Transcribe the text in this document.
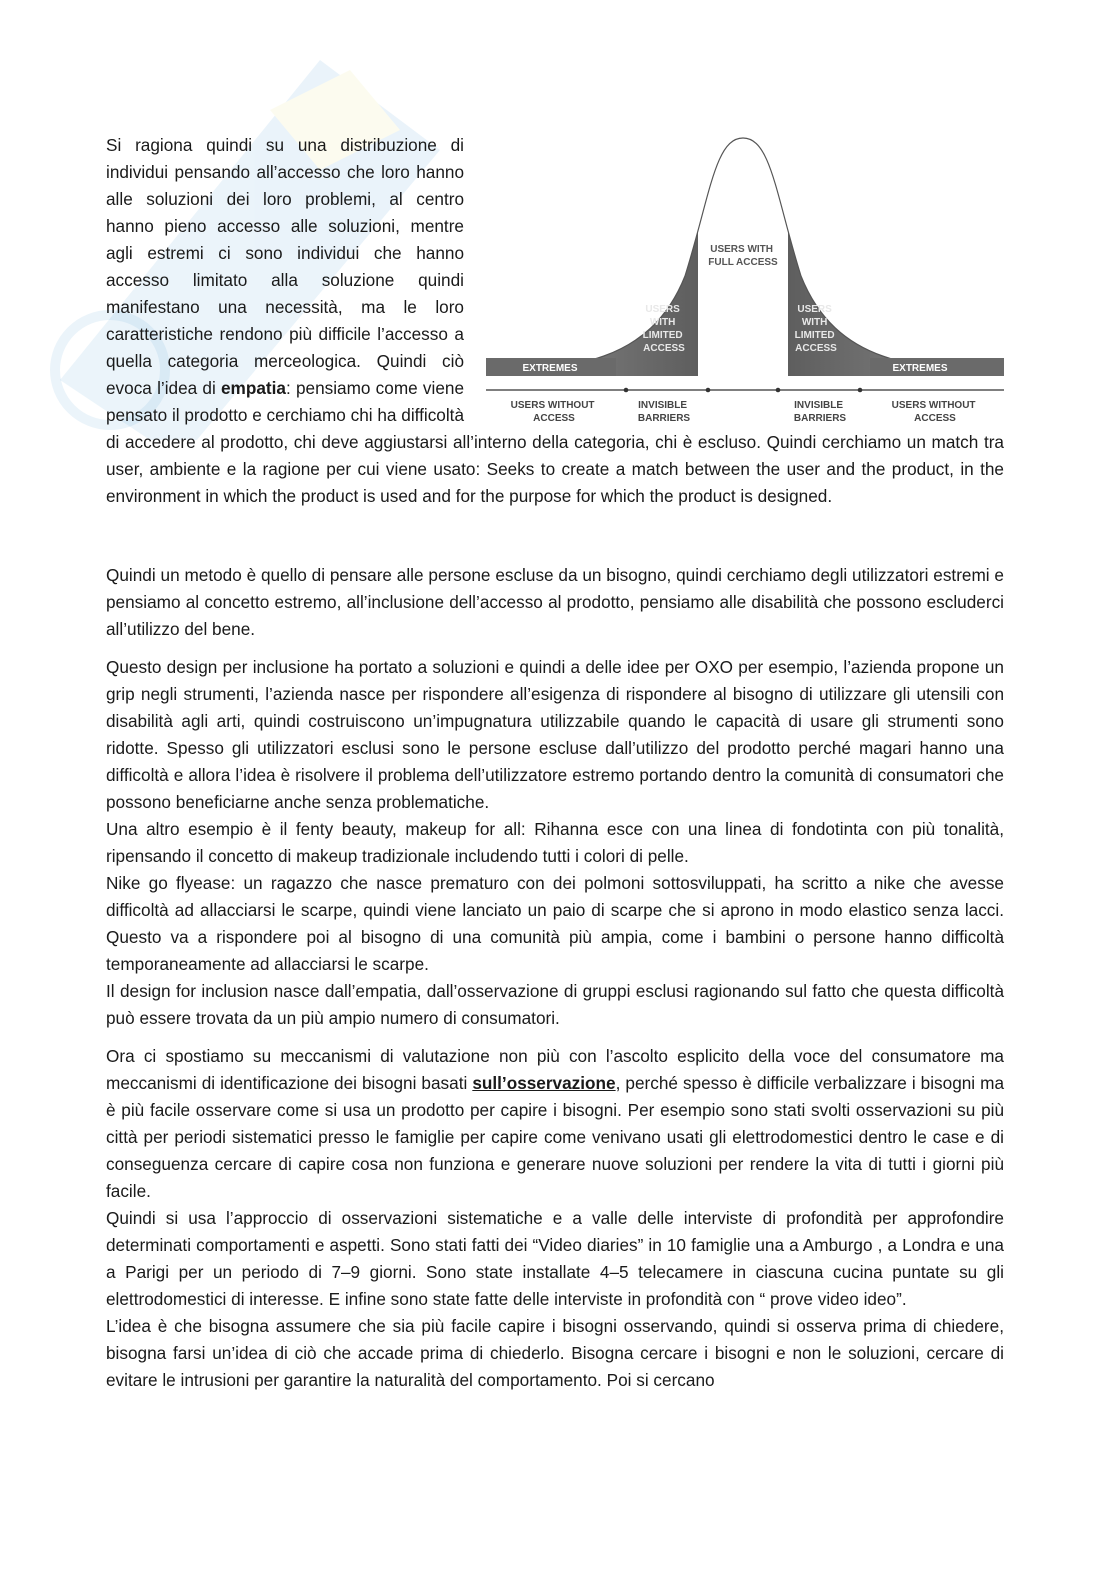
USERS WITH FULL ACCESS
USERS WITH LIMITED ACCESS
USERS WITH LIMITED ACCESS
EXTREMES	EXTREMES
USERS WITHOUT ACCESS
INVISIBLE BARRIERS
INVISIBLE BARRIERS
USERS WITHOUT ACCESS

Si ragiona quindi su una distribuzione di individui pensando all’accesso che loro hanno alle soluzioni dei loro problemi, al centro hanno pieno accesso alle soluzioni, mentre agli estremi ci sono individui che hanno accesso limitato alla soluzione quindi manifestano una necessità, ma le loro caratteristiche rendono più difficile l’accesso a quella categoria merceologica. Quindi ciò evoca l’idea di empatia: pensiamo come viene pensato il prodotto e cerchiamo chi ha difficoltà di accedere al prodotto, chi deve aggiustarsi all’interno della categoria, chi è escluso. Quindi cerchiamo un match tra user, ambiente e la ragione per cui viene usato: Seeks to create a match between the user and the product, in the environment in which the product is used and for the purpose for which the product is designed.

Quindi un metodo è quello di pensare alle persone escluse da un bisogno, quindi cerchiamo degli utilizzatori estremi e pensiamo al concetto estremo, all’inclusione dell’accesso al prodotto, pensiamo alle disabilità che possono escluderci all’utilizzo del bene.

Questo design per inclusione ha portato a soluzioni e quindi a delle idee per OXO per esempio, l’azienda propone un grip negli strumenti, l’azienda nasce per rispondere all’esigenza di rispondere al bisogno di utilizzare gli utensili con disabilità agli arti, quindi costruiscono un’impugnatura utilizzabile quando le capacità di usare gli strumenti sono ridotte. Spesso gli utilizzatori esclusi sono le persone escluse dall’utilizzo del prodotto perché magari hanno una difficoltà e allora l’idea è risolvere il problema dell’utilizzatore estremo portando dentro la comunità di consumatori che possono beneficiarne anche senza problematiche.

Una altro esempio è il fenty beauty, makeup for all: Rihanna esce con una linea di fondotinta con più tonalità, ripensando il concetto di makeup tradizionale includendo tutti i colori di pelle.

Nike go flyease: un ragazzo che nasce prematuro con dei polmoni sottosviluppati, ha scritto a nike che avesse difficoltà ad allacciarsi le scarpe, quindi viene lanciato un paio di scarpe che si aprono in modo elastico senza lacci. Questo va a rispondere poi al bisogno di una comunità più ampia, come i bambini o persone hanno difficoltà temporaneamente ad allacciarsi le scarpe.

Il design for inclusion nasce dall’empatia, dall’osservazione di gruppi esclusi ragionando sul fatto che questa difficoltà può essere trovata da un più ampio numero di consumatori.

Ora ci spostiamo su meccanismi di valutazione non più con l’ascolto esplicito della voce del consumatore ma meccanismi di identificazione dei bisogni basati sull’osservazione, perché spesso è difficile verbalizzare i bisogni ma è più facile osservare come si usa un prodotto per capire i bisogni. Per esempio sono stati svolti osservazioni su più città per periodi sistematici presso le famiglie per capire come venivano usati gli elettrodomestici dentro le case e di conseguenza cercare di capire cosa non funziona e generare nuove soluzioni per rendere la vita di tutti i giorni più facile.

Quindi si usa l’approccio di osservazioni sistematiche e a valle delle interviste di profondità per approfondire determinati comportamenti e aspetti. Sono stati fatti dei “Video diaries” in 10 famiglie una a Amburgo , a Londra e una a Parigi per un periodo di 7–9 giorni. Sono state installate 4–5 telecamere in ciascuna cucina puntate su gli elettrodomestici di interesse. E infine sono state fatte delle interviste in profondità con “ prove video ideo”.

L’idea è che bisogna assumere che sia più facile capire i bisogni osservando, quindi si osserva prima di chiedere, bisogna farsi un’idea di ciò che accade prima di chiederlo. Bisogna cercare i bisogni e non le soluzioni, cercare di evitare le intrusioni per garantire la naturalità del comportamento. Poi si cercano
